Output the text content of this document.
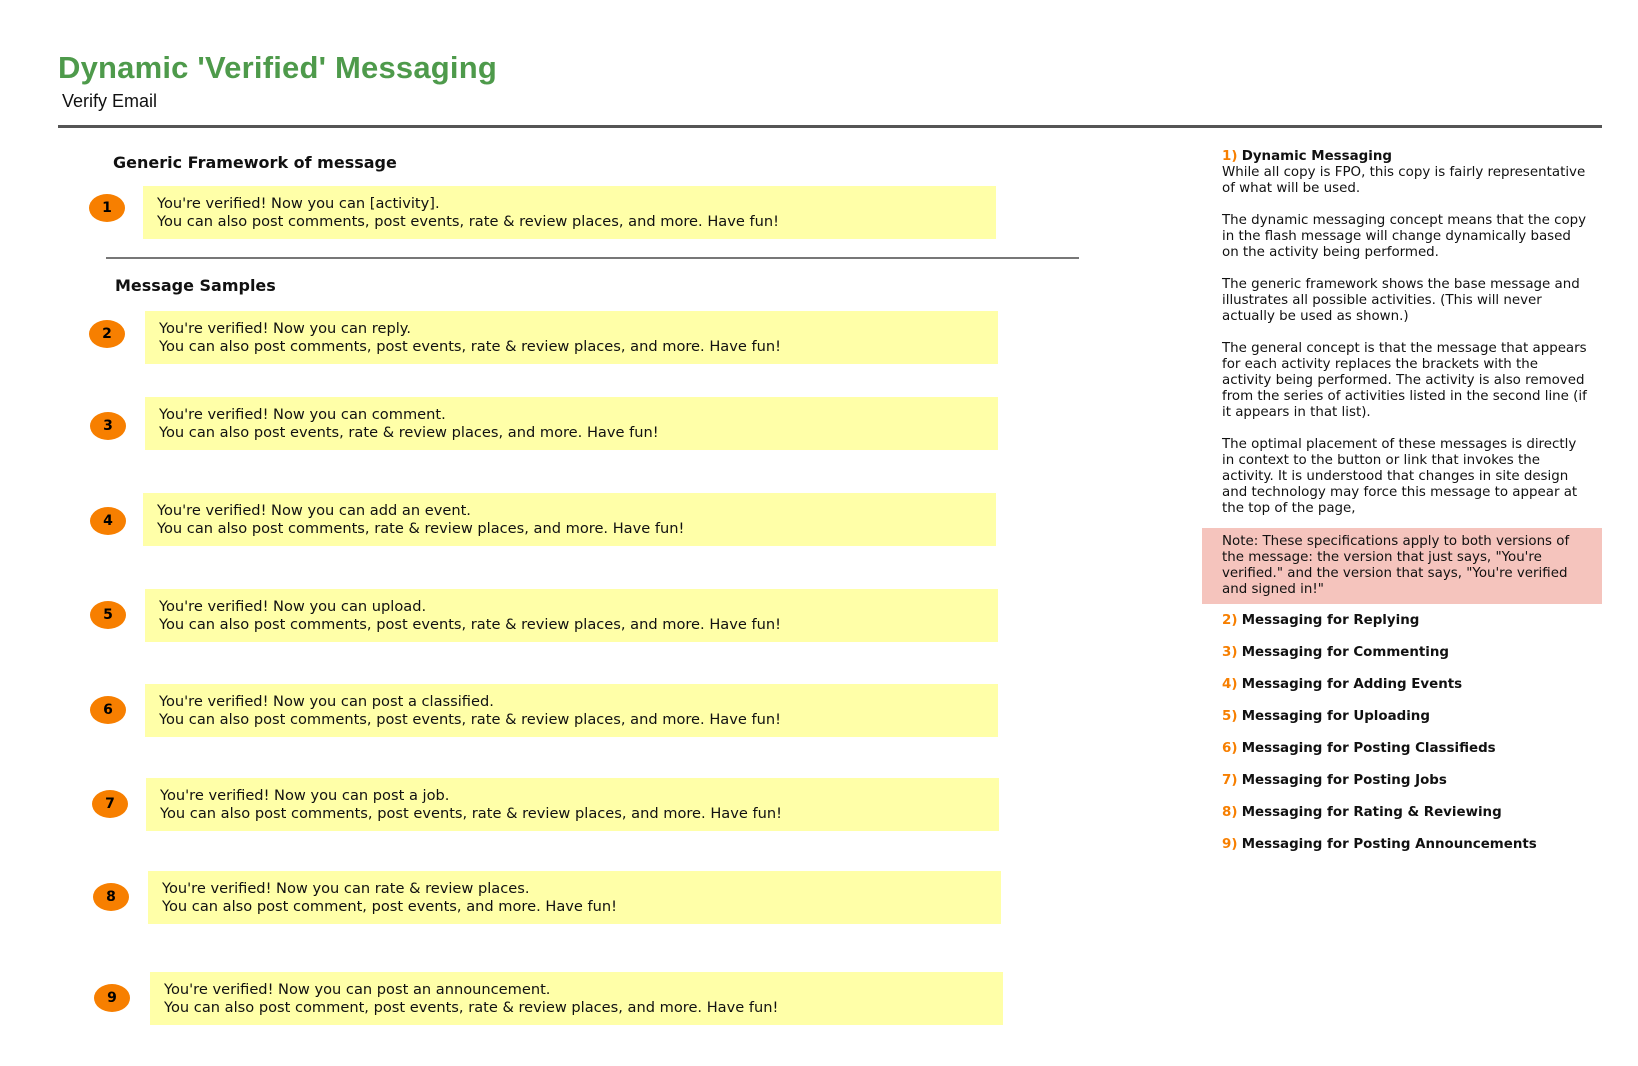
Dynamic 'Verified' Messaging
Verify Email
Generic Framework of message
1	You're verified! Now you can [activity].
You can also post comments, post events, rate & review places, and more. Have fun!
Message Samples
2	You're verified! Now you can reply.
You can also post comments, post events, rate & review places, and more. Have fun!
3
You're verified! Now you can comment.
You can also post events, rate & review places, and more. Have fun!
4
You're verified! Now you can add an event.
You can also post comments, rate & review places, and more. Have fun!
5	You're verified! Now you can upload.
You can also post comments, post events, rate & review places, and more. Have fun!
6	You're verified! Now you can post a classified.
You can also post comments, post events, rate & review places, and more. Have fun!
7	You're verified! Now you can post a job.
You can also post comments, post events, rate & review places, and more. Have fun!
8	You're verified! Now you can rate & review places.
You can also post comment, post events, and more. Have fun!
9	You're verified! Now you can post an announcement.
You can also post comment, post events, rate & review places, and more. Have fun!

1) Dynamic Messaging

While all copy is FPO, this copy is fairly representative of what will be used.

The dynamic messaging concept means that the copy in the flash message will change dynamically based on the activity being performed.

The generic framework shows the base message and illustrates all possible activities. (This will never actually be used as shown.)

The general concept is that the message that appears for each activity replaces the brackets with the activity being performed. The activity is also removed from the series of activities listed in the second line (if it appears in that list).

The optimal placement of these messages is directly in context to the button or link that invokes the activity. It is understood that changes in site design and technology may force this message to appear at the top of the page,

Note: These specifications apply to both versions of the message: the version that just says, "You're verified." and the version that says, "You're verified and signed in!"
2) Messaging for Replying
3) Messaging for Commenting
4) Messaging for Adding Events
5) Messaging for Uploading
6) Messaging for Posting Classifieds
7) Messaging for Posting Jobs
8) Messaging for Rating & Reviewing
9) Messaging for Posting Announcements
